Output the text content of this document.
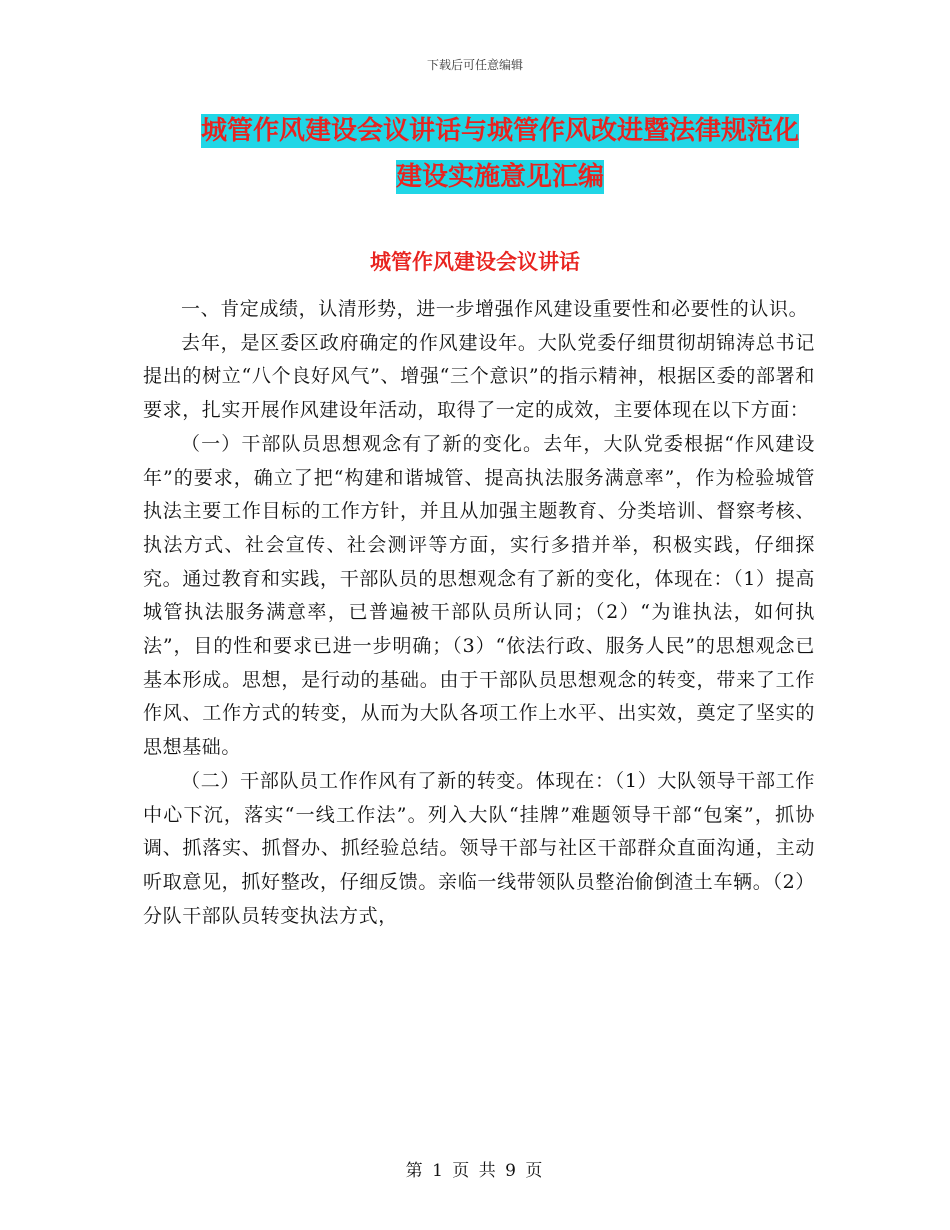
下载后可任意编辑
城管作风建设会议讲话与城管作风改进暨法律规范化
建设实施意见汇编
城管作风建设会议讲话

一、肯定成绩，认清形势，进一步增强作风建设重要性和必要性的认识。

去年，是区委区政府确定的作风建设年。大队党委仔细贯彻胡锦涛总书记提出的树立“八个良好风气”、增强“三个意识”的指示精神，根据区委的部署和要求，扎实开展作风建设年活动，取得了一定的成效，主要体现在以下方面：

（一）干部队员思想观念有了新的变化。去年，大队党委根据“作风建设年”的要求，确立了把“构建和谐城管、提高执法服务满意率”，作为检验城管执法主要工作目标的工作方针，并且从加强主题教育、分类培训、督察考核、执法方式、社会宣传、社会测评等方面，实行多措并举，积极实践，仔细探究。通过教育和实践，干部队员的思想观念有了新的变化，体现在：（1）提高城管执法服务满意率，已普遍被干部队员所认同；（2）“为谁执法，如何执法”，目的性和要求已进一步明确；（3）“依法行政、服务人民”的思想观念已基本形成。思想，是行动的基础。由于干部队员思想观念的转变，带来了工作作风、工作方式的转变，从而为大队各项工作上水平、出实效，奠定了坚实的思想基础。

（二）干部队员工作作风有了新的转变。体现在：（1）大队领导干部工作中心下沉，落实“一线工作法”。列入大队“挂牌”难题领导干部“包案”，抓协调、抓落实、抓督办、抓经验总结。领导干部与社区干部群众直面沟通，主动听取意见，抓好整改，仔细反馈。亲临一线带领队员整治偷倒渣土车辆。（2）分队干部队员转变执法方式，

第 1 页 共 9 页
